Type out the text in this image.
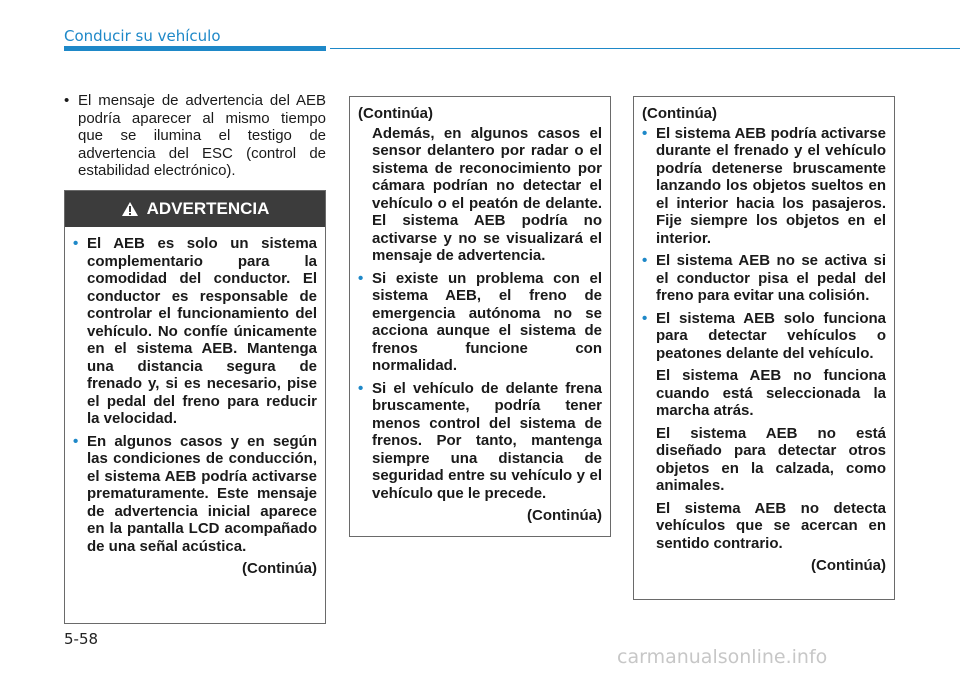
Conducir su vehículo
• El mensaje de advertencia del AEB podría aparecer al mismo tiempo que se ilumina el testigo de advertencia del ESC (control de estabilidad electrónico).
ADVERTENCIA
• El AEB es solo un sistema complementario para la comodidad del conductor. El conductor es responsable de controlar el funcionamiento del vehículo. No confíe únicamente en el sistema AEB. Mantenga una distancia segura de frenado y, si es necesario, pise el pedal del freno para reducir la velocidad.
• En algunos casos y en según las condiciones de conducción, el sistema AEB podría activarse prematuramente. Este mensaje de advertencia inicial aparece en la pantalla LCD acompañado de una señal acústica.
(Continúa)
(Continúa)
Además, en algunos casos el sensor delantero por radar o el sistema de reconocimiento por cámara podrían no detectar el vehículo o el peatón de delante. El sistema AEB podría no activarse y no se visualizará el mensaje de advertencia.
• Si existe un problema con el sistema AEB, el freno de emergencia autónoma no se acciona aunque el sistema de frenos funcione con normalidad.
• Si el vehículo de delante frena bruscamente, podría tener menos control del sistema de frenos. Por tanto, mantenga siempre una distancia de seguridad entre su vehículo y el vehículo que le precede.
(Continúa)
(Continúa)
• El sistema AEB podría activarse durante el frenado y el vehículo podría detenerse bruscamente lanzando los objetos sueltos en el interior hacia los pasajeros. Fije siempre los objetos en el interior.
• El sistema AEB no se activa si el conductor pisa el pedal del freno para evitar una colisión.
• El sistema AEB solo funciona para detectar vehículos o peatones delante del vehículo.
El sistema AEB no funciona cuando está seleccionada la marcha atrás.
El sistema AEB no está diseñado para detectar otros objetos en la calzada, como animales.
El sistema AEB no detecta vehículos que se acercan en sentido contrario.
(Continúa)
5-58
carmanualsonline.info
